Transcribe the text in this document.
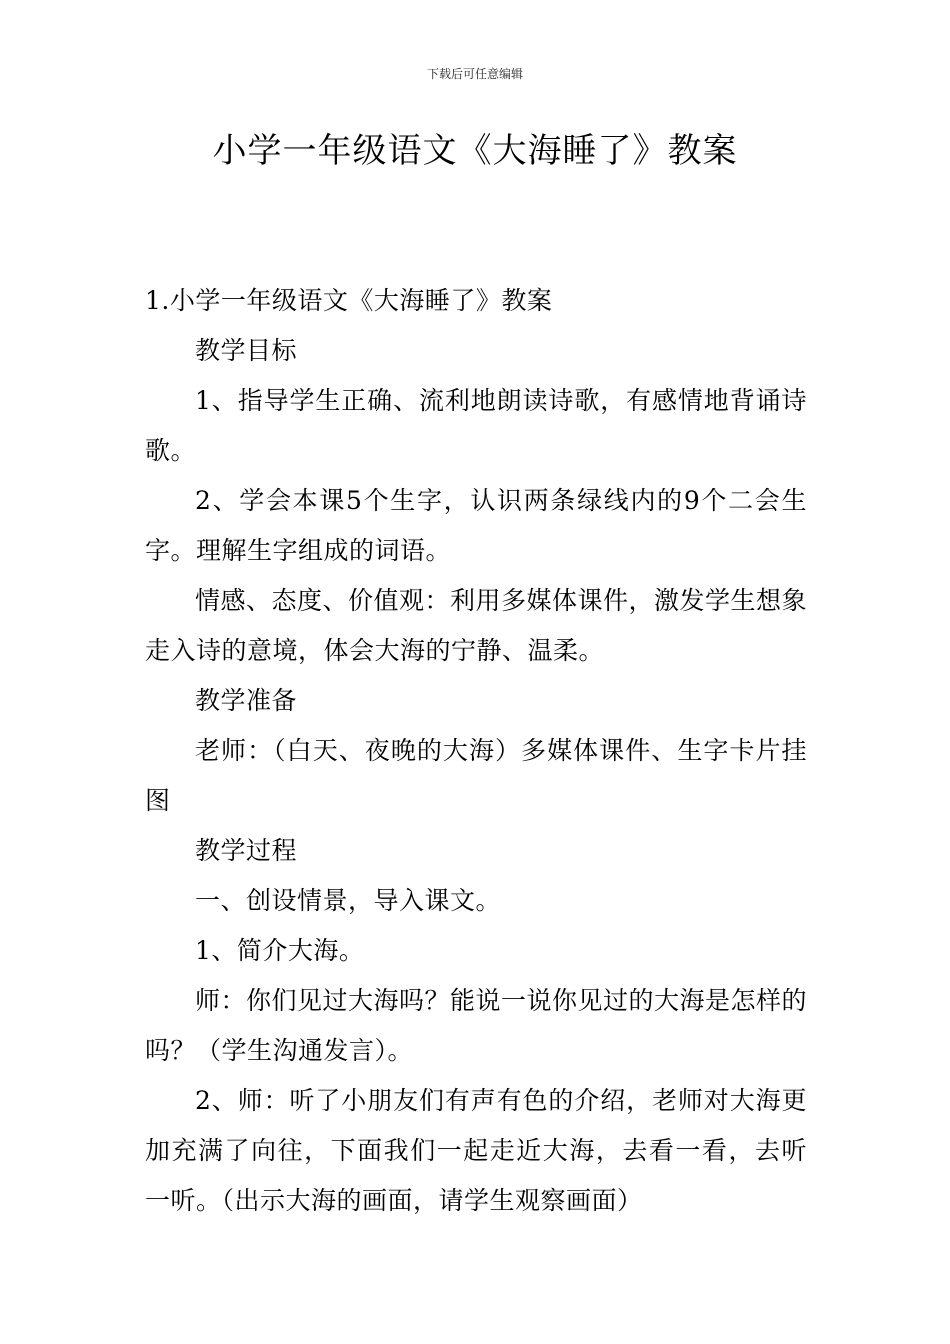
下载后可任意编辑
小学一年级语文《大海睡了》教案

1.小学一年级语文《大海睡了》教案

教学目标

1、指导学生正确、流利地朗读诗歌，有感情地背诵诗歌。

2、学会本课5个生字，认识两条绿线内的9个二会生字。理解生字组成的词语。

情感、态度、价值观：利用多媒体课件，激发学生想象走入诗的意境，体会大海的宁静、温柔。

教学准备

老师：（白天、夜晚的大海）多媒体课件、生字卡片挂图

教学过程

一、创设情景，导入课文。

1、简介大海。

师：你们见过大海吗？能说一说你见过的大海是怎样的吗？（学生沟通发言）。

2、师：听了小朋友们有声有色的介绍，老师对大海更加充满了向往，下面我们一起走近大海，去看一看，去听一听。（出示大海的画面，请学生观察画面）
